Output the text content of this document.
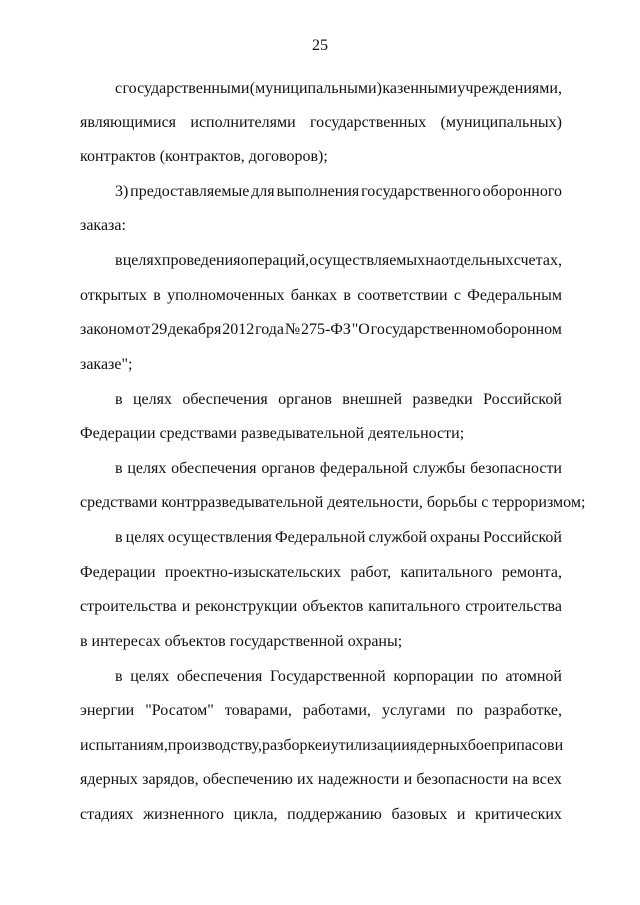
25
с государственными (муниципальными) казенными учреждениями,
являющимися исполнителями государственных (муниципальных)
контрактов (контрактов, договоров);
3) предоставляемые для выполнения государственного оборонного
заказа:
в целях проведения операций, осуществляемых на отдельных счетах,
открытых в уполномоченных банках в соответствии с Федеральным
законом от 29 декабря 2012 года № 275-ФЗ "О государственном оборонном
заказе";
в целях обеспечения органов внешней разведки Российской
Федерации средствами разведывательной деятельности;
в целях обеспечения органов федеральной службы безопасности
средствами контрразведывательной деятельности, борьбы с терроризмом;
в целях осуществления Федеральной службой охраны Российской
Федерации проектно-изыскательских работ, капитального ремонта,
строительства и реконструкции объектов капитального строительства
в интересах объектов государственной охраны;
в целях обеспечения Государственной корпорации по атомной
энергии "Росатом" товарами, работами, услугами по разработке,
испытаниям, производству, разборке и утилизации ядерных боеприпасов и
ядерных зарядов, обеспечению их надежности и безопасности на всех
стадиях жизненного цикла, поддержанию базовых и критических
